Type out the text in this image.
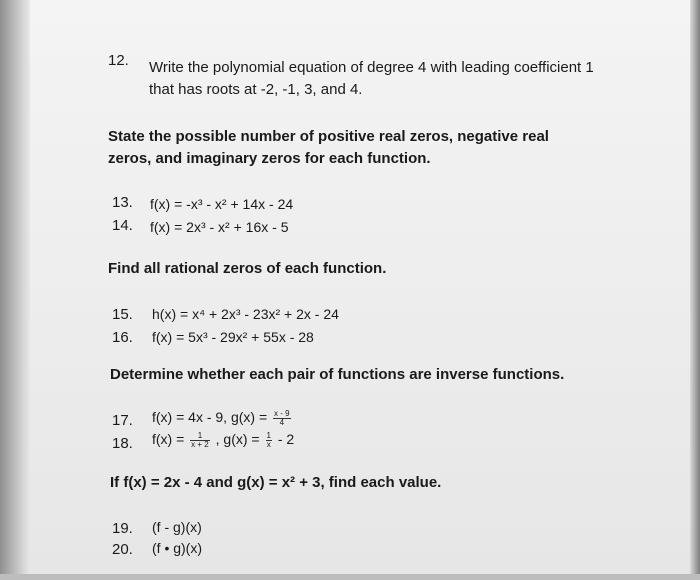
12. Write the polynomial equation of degree 4 with leading coefficient 1
that has roots at -2, -1, 3, and 4.
State the possible number of positive real zeros, negative real
zeros, and imaginary zeros for each function.
13. f(x) = -x³ - x² + 14x - 24
14. f(x) = 2x³ - x² + 16x - 5
Find all rational zeros of each function.
15. h(x) = x⁴ + 2x³ - 23x² + 2x - 24
16. f(x) = 5x³ - 29x² + 55x - 28
Determine whether each pair of functions are inverse functions.
17. f(x) = 4x - 9, $g(x) = \frac{x - 9}{4}$
18. $f(x) = \frac{1}{x + 2}$ , $g(x) = \frac{1}{x} - 2$
If f(x) = 2x - 4 and g(x) = x² + 3, find each value.
19. (f - g)(x)
20. (f • g)(x)
